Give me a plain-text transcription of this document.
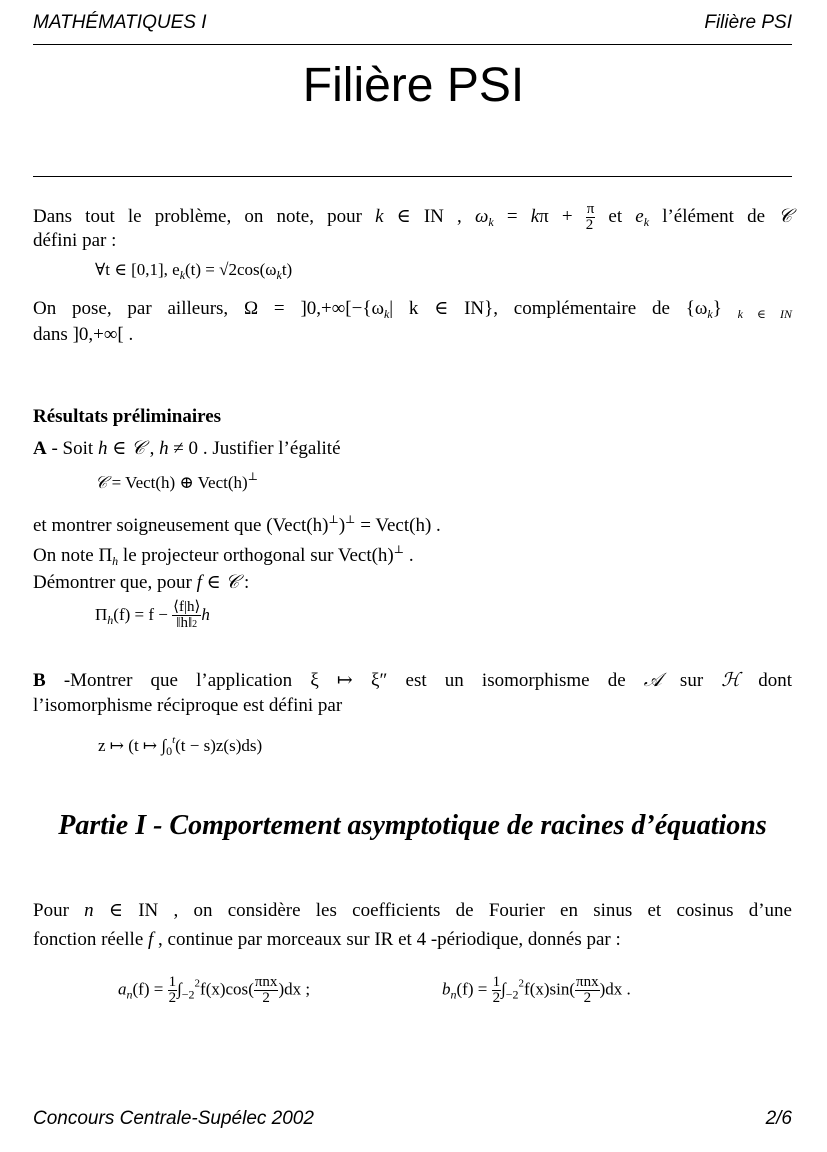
MATHÉMATIQUES I	Filière PSI
Filière PSI
Dans tout le problème, on note, pour k ∈ IN , $\omega_k = k\pi + \frac{\pi}{2}$ et $e_k$ l’élément de 𝒞
défini par :
∀t ∈ [0,1], $e_k(t) = √2\cos(\omega_kt)$
On pose, par ailleurs, $\Omega = ]0,+\infty[-\{\omega_k|$ k ∈ IN}, complémentaire de $\{\omega_k\}$ $_{k \in IN}$
dans ]0,+∞[ .
Résultats préliminaires
A - Soit h ∈ 𝒞 , h ≠ 0 . Justifier l’égalité
𝒞 = Vect(h) ⊕ Vect(h)⊥
et montrer soigneusement que (Vect(h)⊥)⊥ = Vect(h) .
On note $\Pi_h$ le projecteur orthogonal sur Vect(h)⊥ .
Démontrer que, pour f ∈ 𝒞 :
$\Pi_h(f) = f - \frac{⟨f|h⟩}{‖h‖2}$ h
B -Montrer que l’application ξ ↦ ξ″ est un isomorphisme de 𝒜 sur ℋ dont
l’isomorphisme réciproque est défini par
z ↦ (t ↦ $\int_0^t(t - s)z(s)ds$)
Partie I - Comportement asymptotique de racines d’équations
Pour n ∈ IN , on considère les coefficients de Fourier en sinus et cosinus d’une
fonction réelle f , continue par morceaux sur IR et 4 -périodique, donnés par :
$a_n(f) = \frac{1}{2} \int_{-2}^2f(x)\cos( \frac{\text{πnx}}{2} )dx$ ;	$b_n(f) = \frac{1}{2} \int_{-2}^2f(x)\sin( \frac{\text{πnx}}{2} )dx$ .
Concours Centrale-Supélec 2002	2/6
